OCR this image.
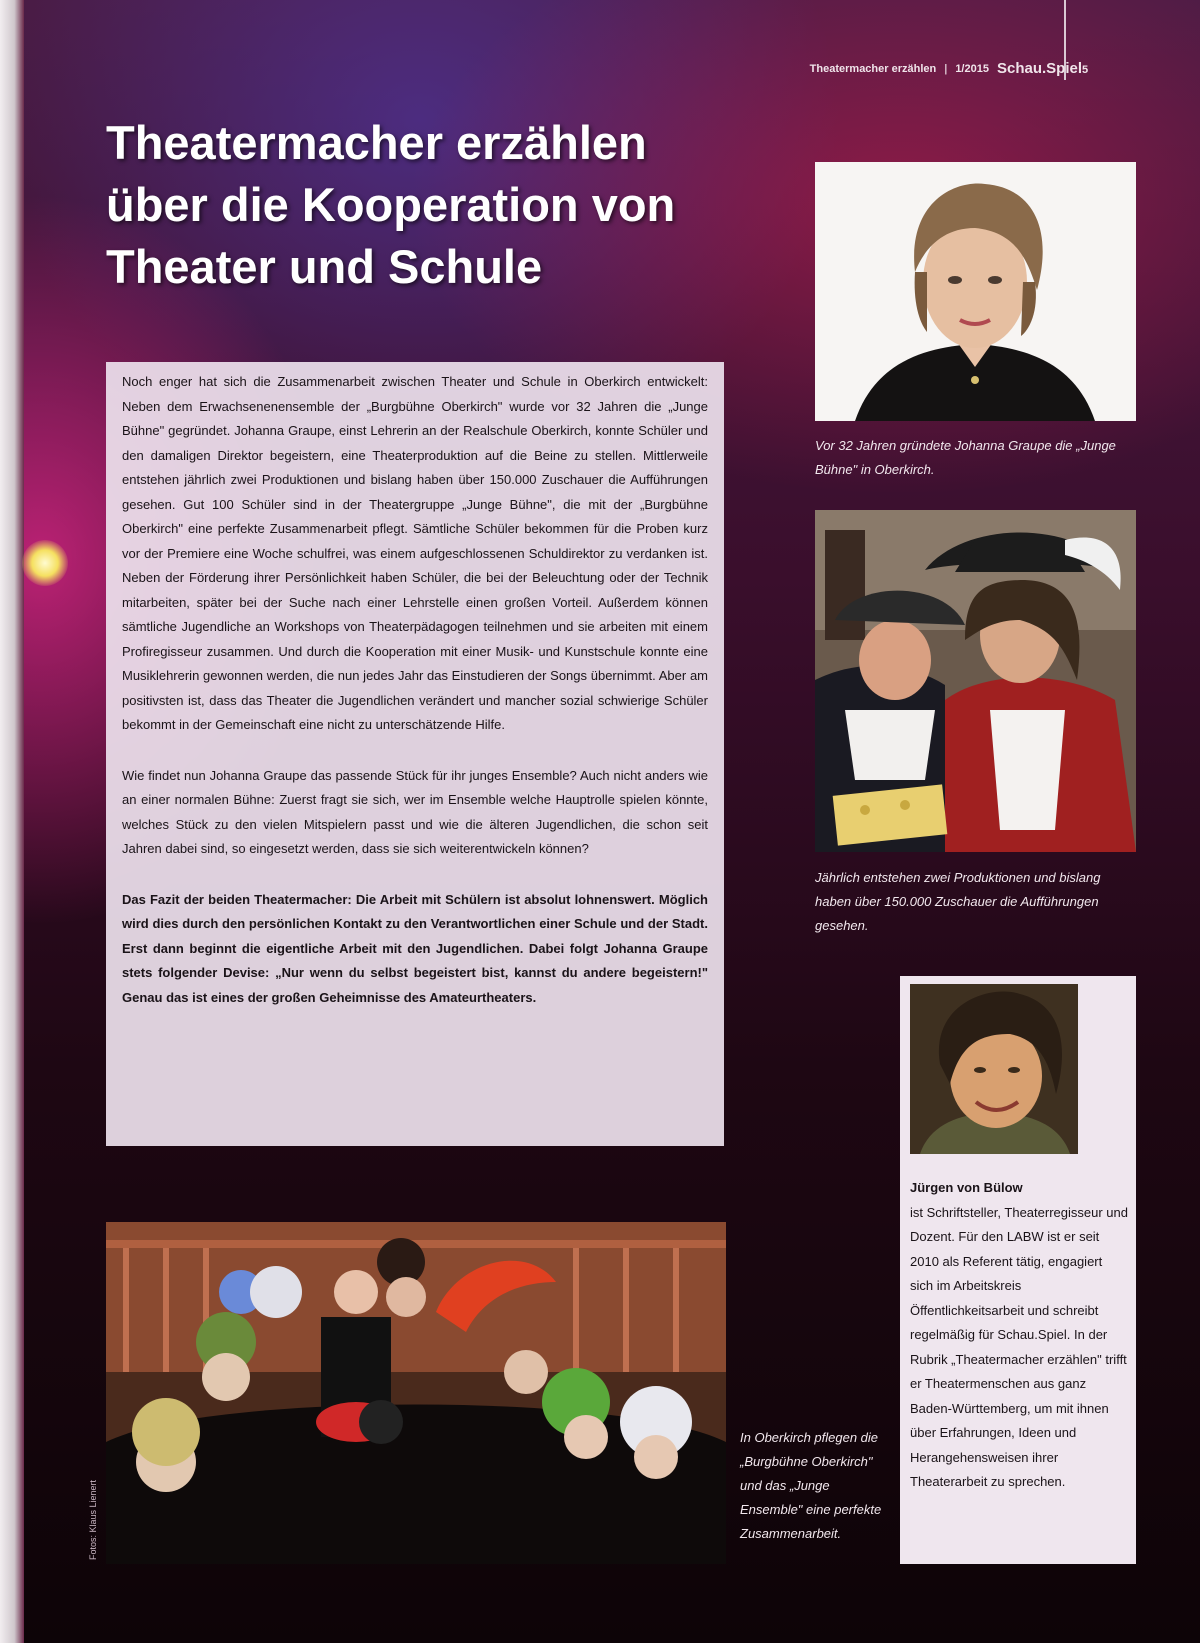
Theatermacher erzählen | 1/2015 Schau.Spiel 5
Theatermacher erzählen
über die Kooperation von
Theater und Schule

Noch enger hat sich die Zusammenarbeit zwischen Theater und Schule in Oberkirch entwickelt: Neben dem Erwachsenenensemble der „Burgbühne Oberkirch" wurde vor 32 Jahren die „Junge Bühne" gegründet. Johanna Graupe, einst Lehrerin an der Realschule Oberkirch, konnte Schüler und den damaligen Direktor begeistern, eine Theaterproduktion auf die Beine zu stellen. Mittlerweile entstehen jährlich zwei Produktionen und bislang haben über 150.000 Zuschauer die Aufführungen gesehen. Gut 100 Schüler sind in der Theatergruppe „Junge Bühne", die mit der „Burgbühne Oberkirch" eine perfekte Zusammenarbeit pflegt. Sämtliche Schüler bekommen für die Proben kurz vor der Premiere eine Woche schulfrei, was einem aufgeschlossenen Schuldirektor zu verdanken ist. Neben der Förderung ihrer Persönlichkeit haben Schüler, die bei der Beleuchtung oder der Technik mitarbeiten, später bei der Suche nach einer Lehrstelle einen großen Vorteil. Außerdem können sämtliche Jugendliche an Workshops von Theaterpädagogen teilnehmen und sie arbeiten mit einem Profiregisseur zusammen. Und durch die Kooperation mit einer Musik- und Kunstschule konnte eine Musiklehrerin gewonnen werden, die nun jedes Jahr das Einstudieren der Songs übernimmt. Aber am positivsten ist, dass das Theater die Jugendlichen verändert und mancher sozial schwierige Schüler bekommt in der Gemeinschaft eine nicht zu unterschätzende Hilfe.

Wie findet nun Johanna Graupe das passende Stück für ihr junges Ensemble? Auch nicht anders wie an einer normalen Bühne: Zuerst fragt sie sich, wer im Ensemble welche Hauptrolle spielen könnte, welches Stück zu den vielen Mitspielern passt und wie die älteren Jugendlichen, die schon seit Jahren dabei sind, so eingesetzt werden, dass sie sich weiterentwickeln können?

Das Fazit der beiden Theatermacher: Die Arbeit mit Schülern ist absolut lohnenswert. Möglich wird dies durch den persönlichen Kontakt zu den Verantwortlichen einer Schule und der Stadt. Erst dann beginnt die eigentliche Arbeit mit den Jugendlichen. Dabei folgt Johanna Graupe stets folgender Devise: „Nur wenn du selbst begeistert bist, kannst du andere begeistern!" Genau das ist eines der großen Geheimnisse des Amateurtheaters.

Vor 32 Jahren gründete Johanna Graupe die „Junge Bühne" in Oberkirch.
Jährlich entstehen zwei Produktionen und bislang haben über 150.000 Zuschauer die Aufführungen gesehen.
Jürgen von Bülow
ist Schriftsteller, Theaterregisseur und Dozent. Für den LABW ist er seit 2010 als Referent tätig, engagiert sich im Arbeitskreis Öffentlichkeitsarbeit und schreibt regelmäßig für Schau.Spiel. In der Rubrik „Theatermacher erzählen" trifft er Theatermenschen aus ganz Baden-Württemberg, um mit ihnen über Erfahrungen, Ideen und Herangehensweisen ihrer Theaterarbeit zu sprechen.
In Oberkirch pflegen die „Burgbühne Oberkirch" und das „Junge Ensemble" eine perfekte Zusammenarbeit.
Fotos: Klaus Lienert
